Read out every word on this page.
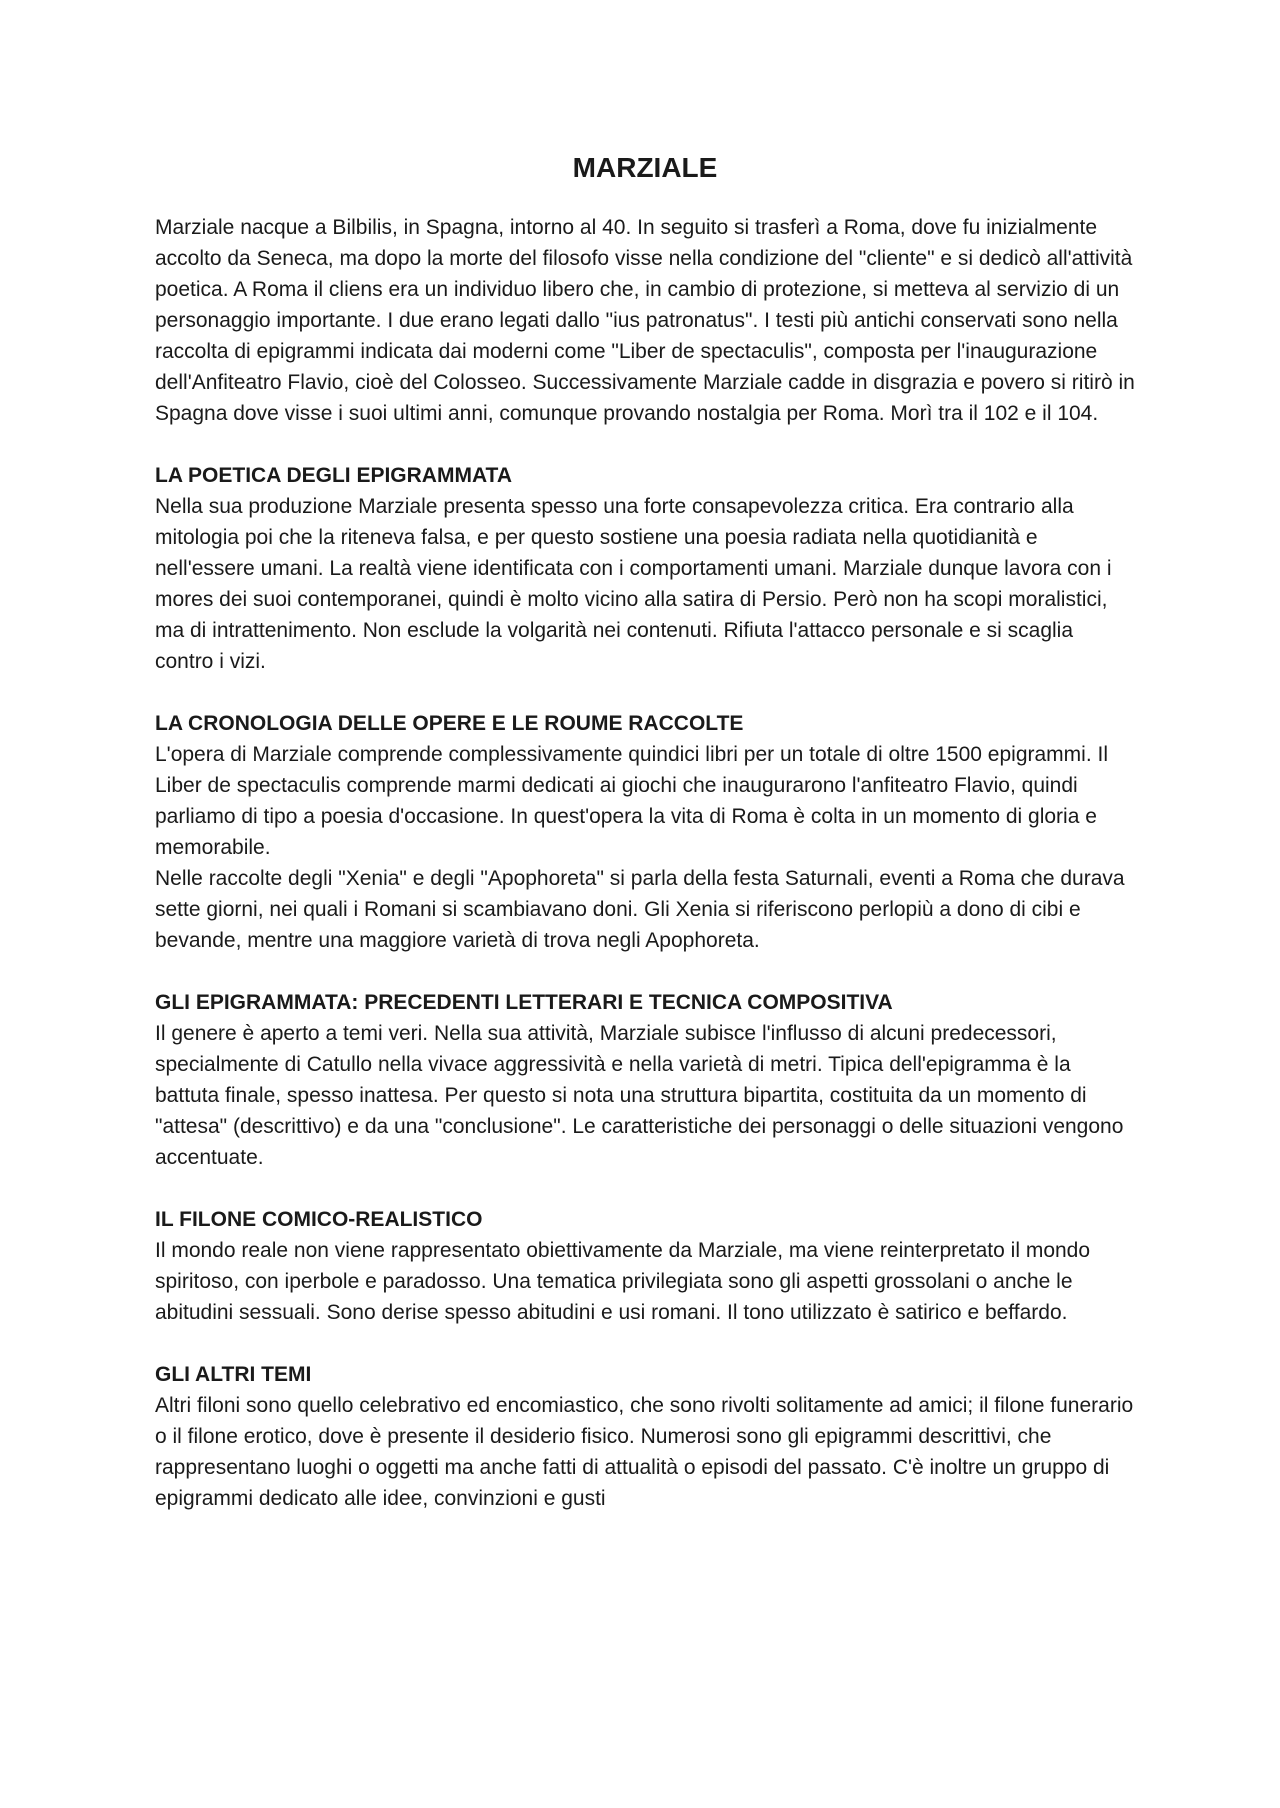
MARZIALE

Marziale nacque a Bilbilis, in Spagna, intorno al 40. In seguito si trasferì a Roma, dove fu inizialmente accolto da Seneca, ma dopo la morte del filosofo visse nella condizione del "cliente" e si dedicò all'attività poetica. A Roma il cliens era un individuo libero che, in cambio di protezione, si metteva al servizio di un personaggio importante. I due erano legati dallo "ius patronatus". I testi più antichi conservati sono nella raccolta di epigrammi indicata dai moderni come "Liber de spectaculis", composta per l'inaugurazione dell'Anfiteatro Flavio, cioè del Colosseo. Successivamente Marziale cadde in disgrazia e povero si ritirò in Spagna dove visse i suoi ultimi anni, comunque provando nostalgia per Roma. Morì tra il 102 e il 104.

LA POETICA DEGLI EPIGRAMMATA

Nella sua produzione Marziale presenta spesso una forte consapevolezza critica. Era contrario alla mitologia poi che la riteneva falsa, e per questo sostiene una poesia radiata nella quotidianità e nell'essere umani. La realtà viene identificata con i comportamenti umani. Marziale dunque lavora con i mores dei suoi contemporanei, quindi è molto vicino alla satira di Persio. Però non ha scopi moralistici, ma di intrattenimento. Non esclude la volgarità nei contenuti. Rifiuta l'attacco personale e si scaglia contro i vizi.

LA CRONOLOGIA DELLE OPERE E LE ROUME RACCOLTE

L'opera di Marziale comprende complessivamente quindici libri per un totale di oltre 1500 epigrammi. Il Liber de spectaculis comprende marmi dedicati ai giochi che inaugurarono l'anfiteatro Flavio, quindi parliamo di tipo a poesia d'occasione. In quest'opera la vita di Roma è colta in un momento di gloria e memorabile.

Nelle raccolte degli "Xenia" e degli "Apophoreta" si parla della festa Saturnali, eventi a Roma che durava sette giorni, nei quali i Romani si scambiavano doni. Gli Xenia si riferiscono perlopiù a dono di cibi e bevande, mentre una maggiore varietà di trova negli Apophoreta.

GLI EPIGRAMMATA: PRECEDENTI LETTERARI E TECNICA COMPOSITIVA

Il genere è aperto a temi veri. Nella sua attività, Marziale subisce l'influsso di alcuni predecessori, specialmente di Catullo nella vivace aggressività e nella varietà di metri. Tipica dell'epigramma è la battuta finale, spesso inattesa. Per questo si nota una struttura bipartita, costituita da un momento di "attesa" (descrittivo) e da una "conclusione". Le caratteristiche dei personaggi o delle situazioni vengono accentuate.

IL FILONE COMICO-REALISTICO

Il mondo reale non viene rappresentato obiettivamente da Marziale, ma viene reinterpretato il mondo spiritoso, con iperbole e paradosso. Una tematica privilegiata sono gli aspetti grossolani o anche le abitudini sessuali. Sono derise spesso abitudini e usi romani. Il tono utilizzato è satirico e beffardo.

GLI ALTRI TEMI

Altri filoni sono quello celebrativo ed encomiastico, che sono rivolti solitamente ad amici; il filone funerario o il filone erotico, dove è presente il desiderio fisico. Numerosi sono gli epigrammi descrittivi, che rappresentano luoghi o oggetti ma anche fatti di attualità o episodi del passato. C'è inoltre un gruppo di epigrammi dedicato alle idee, convinzioni e gusti
